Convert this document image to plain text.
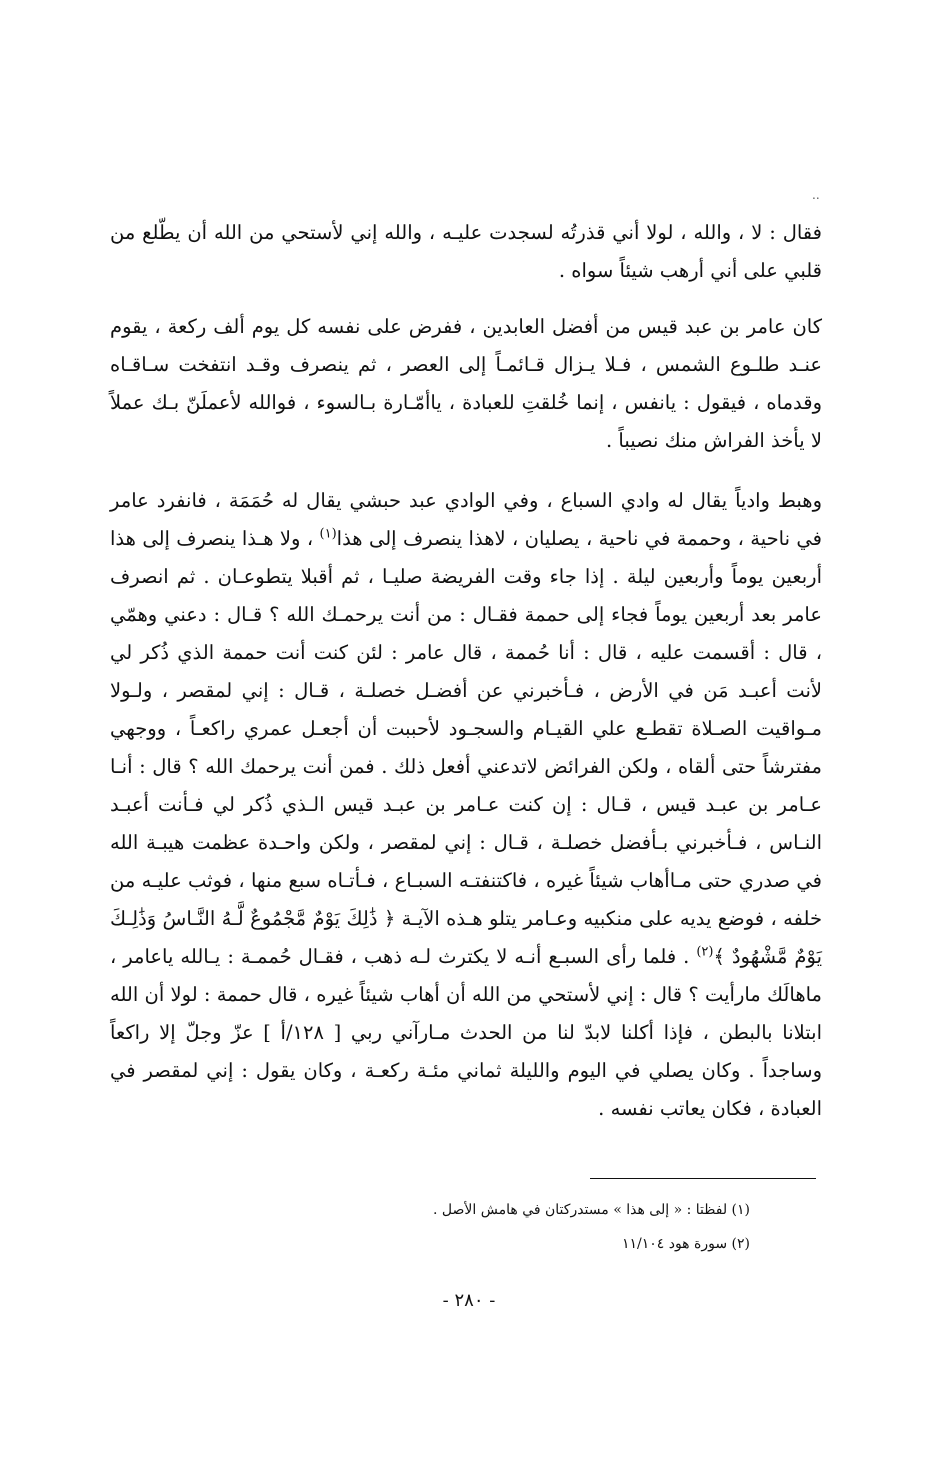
..

فقال : لا ، والله ، لولا أني قذرتُه لسجدت عليـه ، والله إني لأستحي من الله أن يطّلع من قلبي على أني أرهب شيئاً سواه .

كان عامر بن عبد قيس من أفضل العابدين ، ففرض على نفسه كل يوم ألف ركعة ، يقوم عنـد طلـوع الشمس ، فـلا يـزال قـائمـاً إلى العصر ، ثم ينصرف وقـد انتفخت سـاقـاه وقدماه ، فيقول : يانفس ، إنما خُلقتِ للعبادة ، ياأمّـارة بـالسوء ، فوالله لأعملَنّ بـك عملاً لا يأخذ الفراش منك نصيباً .

وهبط وادياً يقال له وادي السباع ، وفي الوادي عبد حبشي يقال له حُمَمَة ، فانفرد عامر في ناحية ، وحممة في ناحية ، يصليان ، لاهذا ينصرف إلى هذا$^{(١)}$ ، ولا هـذا ينصرف إلى هذا أربعين يوماً وأربعين ليلة . إذا جاء وقت الفريضة صليـا ، ثم أقبلا يتطوعـان . ثم انصرف عامر بعد أربعين يوماً فجاء إلى حممة فقـال : من أنت يرحمـك الله ؟ قـال : دعني وهمّي ، قال : أقسمت عليه ، قال : أنا حُممة ، قال عامر : لئن كنت أنت حممة الذي ذُكر لي لأنت أعبـد مَن في الأرض ، فـأخبرني عن أفضـل خصلـة ، قـال : إني لمقصر ، ولـولا مـواقيت الصـلاة تقطـع علي القيـام والسجـود لأحببت أن أجعـل عمري راكعـاً ، ووجهي مفترشاً حتى ألقاه ، ولكن الفرائض لاتدعني أفعل ذلك . فمن أنت يرحمك الله ؟ قال : أنـا عـامر بن عبـد قيس ، قـال : إن كنت عـامر بن عبـد قيس الـذي ذُكر لي فـأنت أعبـد النـاس ، فـأخبرني بـأفضل خصلـة ، قـال : إني لمقصر ، ولكن واحـدة عظمت هيبـة الله في صدري حتى مـاأهاب شيئاً غيره ، فاكتنفتـه السبـاع ، فـأتـاه سبع منها ، فوثب عليـه من خلفه ، فوضع يديه على منكبيه وعـامر يتلو هـذه الآيـة ﴿ ذَٰلِكَ يَوْمٌ مَّجْمُوعٌ لَّـهُ النَّـاسُ وَذَٰلِـكَ يَوْمٌ مَّشْهُودٌ ﴾$^{(٢)}$ . فلما رأى السبـع أنـه لا يكترث لـه ذهب ، فقـال حُممـة : يـالله ياعامر ، ماهالَك مارأيت ؟ قال : إني لأستحي من الله أن أهاب شيئاً غيره ، قال حممة : لولا أن الله ابتلانا بالبطن ، فإذا أكلنا لابدّ لنا من الحدث مـارآني ربي [ ١٢٨/أ ] عزّ وجلّ إلا راكعاً وساجداً . وكان يصلي في اليوم والليلة ثماني مئـة ركعـة ، وكان يقول : إني لمقصر في العبادة ، فكان يعاتب نفسه .

(١) لفظتا : « إلى هذا » مستدركتان في هامش الأصل .

(٢) سورة هود ١١/١٠٤

- ٢٨٠ -
